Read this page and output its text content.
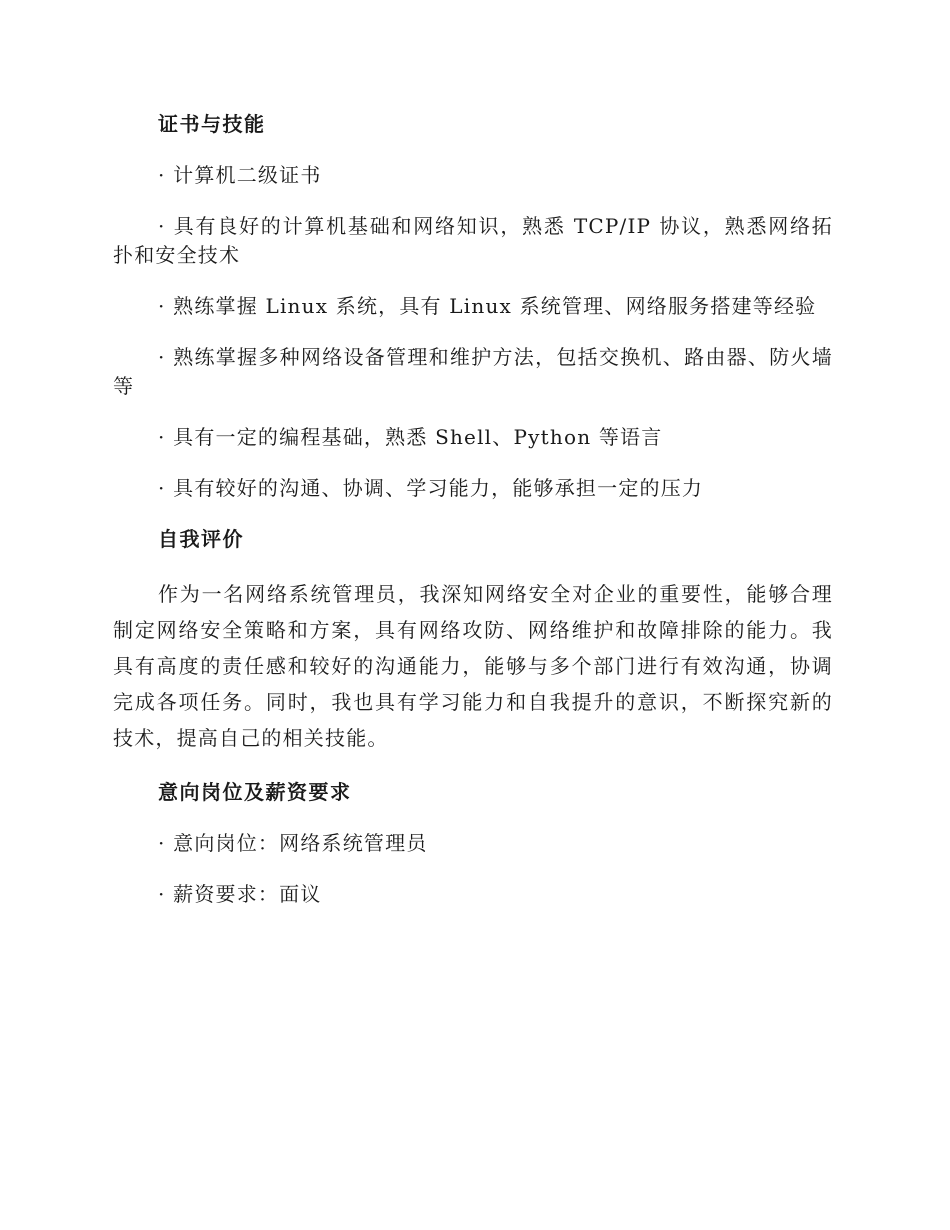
证书与技能
· 计算机二级证书
· 具有良好的计算机基础和网络知识，熟悉 TCP/IP 协议，熟悉网络拓扑和安全技术
· 熟练掌握 Linux 系统，具有 Linux 系统管理、网络服务搭建等经验
· 熟练掌握多种网络设备管理和维护方法，包括交换机、路由器、防火墙等
· 具有一定的编程基础，熟悉 Shell、Python 等语言
· 具有较好的沟通、协调、学习能力，能够承担一定的压力
自我评价
作为一名网络系统管理员，我深知网络安全对企业的重要性，能够合理制定网络安全策略和方案，具有网络攻防、网络维护和故障排除的能力。我具有高度的责任感和较好的沟通能力，能够与多个部门进行有效沟通，协调完成各项任务。同时，我也具有学习能力和自我提升的意识，不断探究新的技术，提高自己的相关技能。
意向岗位及薪资要求
· 意向岗位：网络系统管理员
· 薪资要求：面议
